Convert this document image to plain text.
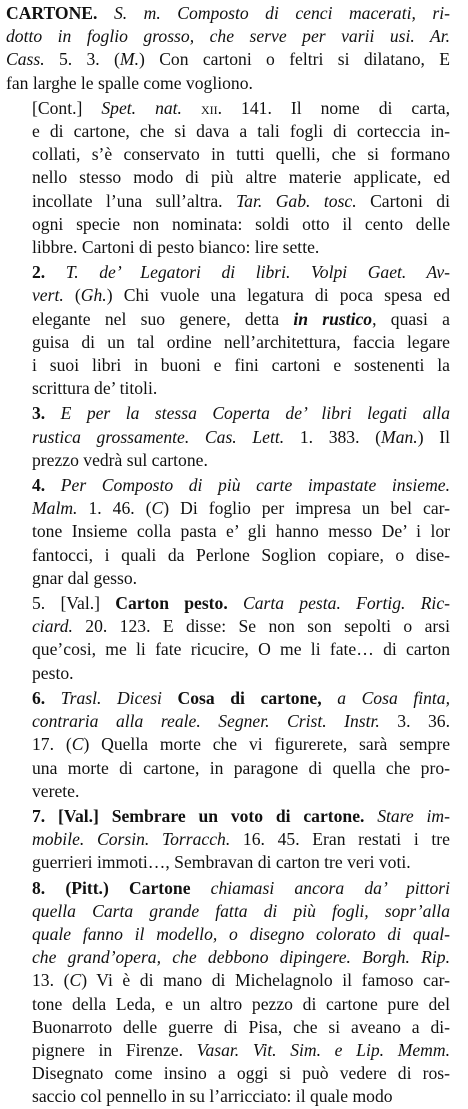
CARTONE. S. m. Composto di cenci macerati, ri-
dotto in foglio grosso, che serve per varii usi. Ar.
Cass. 5. 3. (M.) Con cartoni o feltri si dilatano, E
fan larghe le spalle come vogliono.

[Cont.] Spet. nat. xii. 141. Il nome di carta,
e di cartone, che si dava a tali fogli di corteccia in-
collati, s’è conservato in tutti quelli, che si formano
nello stesso modo di più altre materie applicate, ed
incollate l’una sull’altra. Tar. Gab. tosc. Cartoni di
ogni specie non nominata: soldi otto il cento delle
libbre. Cartoni di pesto bianco: lire sette.

2. T. de’ Legatori di libri. Volpi Gaet. Av-
vert. (Gh.) Chi vuole una legatura di poca spesa ed
elegante nel suo genere, detta in rustico, quasi a
guisa di un tal ordine nell’architettura, faccia legare
i suoi libri in buoni e fini cartoni e sostenenti la
scrittura de’ titoli.

3. E per la stessa Coperta de’ libri legati alla
rustica grossamente. Cas. Lett. 1. 383. (Man.) Il
prezzo vedrà sul cartone.

4. Per Composto di più carte impastate insieme.
Malm. 1. 46. (C) Di foglio per impresa un bel car-
tone Insieme colla pasta e’ gli hanno messo De’ i lor
fantocci, i quali da Perlone Soglion copiare, o dise-
gnar dal gesso.

5. [Val.] Carton pesto. Carta pesta. Fortig. Ric-
ciard. 20. 123. E disse: Se non son sepolti o arsi
que’cosi, me li fate ricucire, O me li fate… di carton
pesto.

6. Trasl. Dicesi Cosa di cartone, a Cosa finta,
contraria alla reale. Segner. Crist. Instr. 3. 36.
17. (C) Quella morte che vi figurerete, sarà sempre
una morte di cartone, in paragone di quella che pro-
verete.

7. [Val.] Sembrare un voto di cartone. Stare im-
mobile. Corsin. Torracch. 16. 45. Eran restati i tre
guerrieri immoti…, Sembravan di carton tre veri voti.

8. (Pitt.) Cartone chiamasi ancora da’ pittori
quella Carta grande fatta di più fogli, sopr’alla
quale fanno il modello, o disegno colorato di qual-
che grand’opera, che debbono dipingere. Borgh. Rip.
13. (C) Vi è di mano di Michelagnolo il famoso car-
tone della Leda, e un altro pezzo di cartone pure del
Buonarroto delle guerre di Pisa, che si aveano a di-
pignere in Firenze. Vasar. Vit. Sim. e Lip. Memm.
Disegnato come insino a oggi si può vedere di ros-
saccio col pennello in su l’arricciato: il quale modo
